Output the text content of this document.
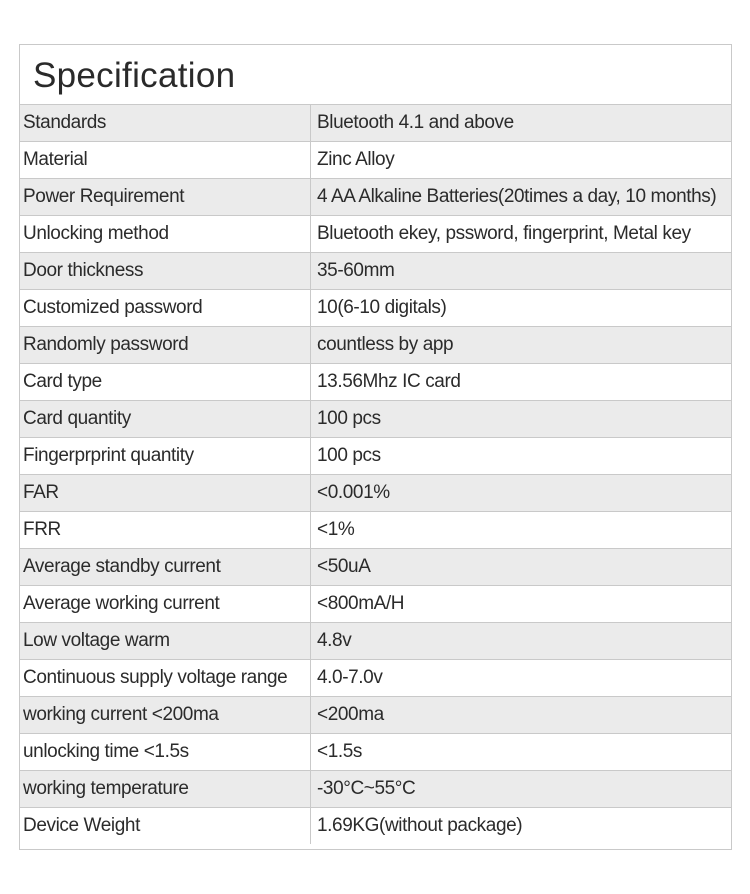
Specification
Standards	Bluetooth 4.1 and above
Material	Zinc Alloy
Power Requirement	4 AA Alkaline Batteries(20times a day, 10 months)
Unlocking method	Bluetooth ekey, pssword, fingerprint, Metal key
Door thickness	35-60mm
Customized password	10(6-10 digitals)
Randomly password	countless by app
Card type	13.56Mhz IC card
Card quantity	100 pcs
Fingerprprint quantity	100 pcs
FAR	<0.001%
FRR	<1%
Average standby current	<50uA
Average working current	<800mA/H
Low voltage warm	4.8v
Continuous supply voltage range	4.0-7.0v
working current <200ma	<200ma
unlocking time <1.5s	<1.5s
working temperature	-30°C~55°C
Device Weight	1.69KG(without package)
